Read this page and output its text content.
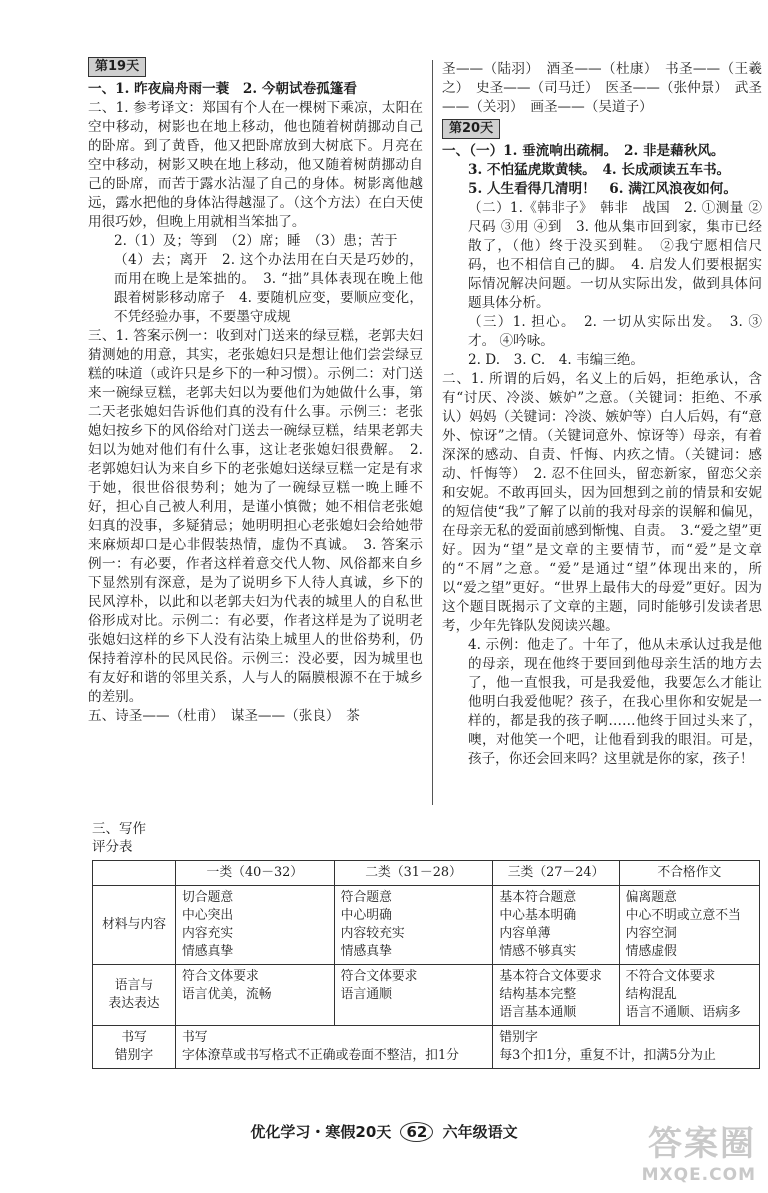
第19天

一、1. 昨夜扁舟雨一蓑　2. 今朝试卷孤篷看

二、1. 参考译文：郑国有个人在一棵树下乘凉，太阳在空中移动，树影也在地上移动，他也随着树荫挪动自己的卧席。到了黄昏，他又把卧席放到大树底下。月亮在空中移动，树影又映在地上移动，他又随着树荫挪动自己的卧席，而苦于露水沾湿了自己的身体。树影离他越远，露水把他的身体沾得越湿了。（这个方法）在白天使用很巧妙，但晚上用就相当笨拙了。

2.（1）及；等到　（2）席；睡　（3）患；苦于

（4）去；离开　2. 这个办法用在白天是巧妙的，而用在晚上是笨拙的。　3. “拙”具体表现在晚上他跟着树影移动席子　4. 要随机应变，要顺应变化，不凭经验办事，不要墨守成规

三、1. 答案示例一：收到对门送来的绿豆糕，老郭夫妇猜测她的用意，其实，老张媳妇只是想让他们尝尝绿豆糕的味道（或许只是乡下的一种习惯）。示例二：对门送来一碗绿豆糕，老郭夫妇以为要他们为她做什么事，第二天老张媳妇告诉他们真的没有什么事。示例三：老张媳妇按乡下的风俗给对门送去一碗绿豆糕，结果老郭夫妇以为她对他们有什么事，这让老张媳妇很费解。　2. 老郭媳妇认为来自乡下的老张媳妇送绿豆糕一定是有求于她，很世俗很势利；她为了一碗绿豆糕一晚上睡不好，担心自己被人利用，是谨小慎微；她不相信老张媳妇真的没事，多疑猜忌；她明明担心老张媳妇会给她带来麻烦却口是心非假装热情，虚伪不真诚。　3. 答案示例一：有必要，作者这样着意交代人物、风俗都来自乡下显然别有深意，是为了说明乡下人待人真诚，乡下的民风淳朴，以此和以老郭夫妇为代表的城里人的自私世俗形成对比。示例二：有必要，作者这样是为了说明老张媳妇这样的乡下人没有沾染上城里人的世俗势利，仍保持着淳朴的民风民俗。示例三：没必要，因为城里也有友好和谐的邻里关系，人与人的隔膜根源不在于城乡的差别。

五、诗圣——（杜甫）　谋圣——（张良）　茶

圣——（陆羽）　酒圣——（杜康）　书圣——（王羲之）　史圣——（司马迁）　医圣——（张仲景）　武圣——（关羽）　画圣——（吴道子）

第20天

一、（一）1. 垂流响出疏桐。　2. 非是藉秋风。

3. 不怕猛虎欺黄犊。　4. 长成顽读五车书。

5. 人生看得几清明！　6. 满江风浪夜如何。

（二）1.《韩非子》　韩非　战国　2. ①测量 ②尺码 ③用 ④到　3. 他从集市回到家，集市已经散了，（他）终于没买到鞋。　②我宁愿相信尺码，也不相信自己的脚。　4. 启发人们要根据实际情况解决问题。一切从实际出发，做到具体问题具体分析。

（三）1. 担心。　2. 一切从实际出发。　3. ③才。 ④吟咏。

2. D.　3. C.　4. 韦编三绝。

二、1. 所谓的后妈，名义上的后妈，拒绝承认，含有“讨厌、冷淡、嫉妒”之意。（关键词：拒绝、不承认）妈妈（关键词：冷淡、嫉妒等）白人后妈，有“意外、惊讶”之情。（关键词意外、惊讶等）母亲，有着深深的感动、自责、忏悔、内疚之情。（关键词：感动、忏悔等）　2. 忍不住回头，留恋新家，留恋父亲和安妮。不敢再回头，因为回想到之前的情景和安妮的短信使“我”了解了以前的我对母亲的误解和偏见，在母亲无私的爱面前感到惭愧、自责。　3.“爱之望”更好。因为“望”是文章的主要情节，而“爱”是文章的“不屑”之意。“爱”是通过“望”体现出来的，所以“爱之望”更好。“世界上最伟大的母爱”更好。因为这个题目既揭示了文章的主题，同时能够引发读者思考，少年先锋队发阅读兴趣。

4. 示例：他走了。十年了，他从未承认过我是他的母亲，现在他终于要回到他母亲生活的地方去了，他一直恨我，可是我爱他，我要怎么才能让他明白我爱他呢？孩子，在我心里你和安妮是一样的，都是我的孩子啊……他终于回过头来了，噢，对他笑一个吧，让他看到我的眼泪。可是，孩子，你还会回来吗？这里就是你的家，孩子！

三、写作
评分表
	一类（40－32）	二类（31－28）	三类（27－24）	不合格作文
材料与内容	切合题意
中心突出
内容充实
情感真挚	符合题意
中心明确
内容较充实
情感真挚	基本符合题意
中心基本明确
内容单薄
情感不够真实	偏离题意
中心不明或立意不当
内容空洞
情感虚假
语言与
表达表达	符合文体要求
语言优美，流畅	符合文体要求
语言通顺	基本符合文体要求
结构基本完整
语言基本通顺	不符合文体要求
结构混乱
语言不通顺、语病多
书写
错别字	书写
字体潦草或书写格式不正确或卷面不整洁，扣1分		错别字
每3个扣1分，重复不计，扣满5分为止	
优化学习・寒假20天 62 六年级语文	答案圈
MXQE.COM
